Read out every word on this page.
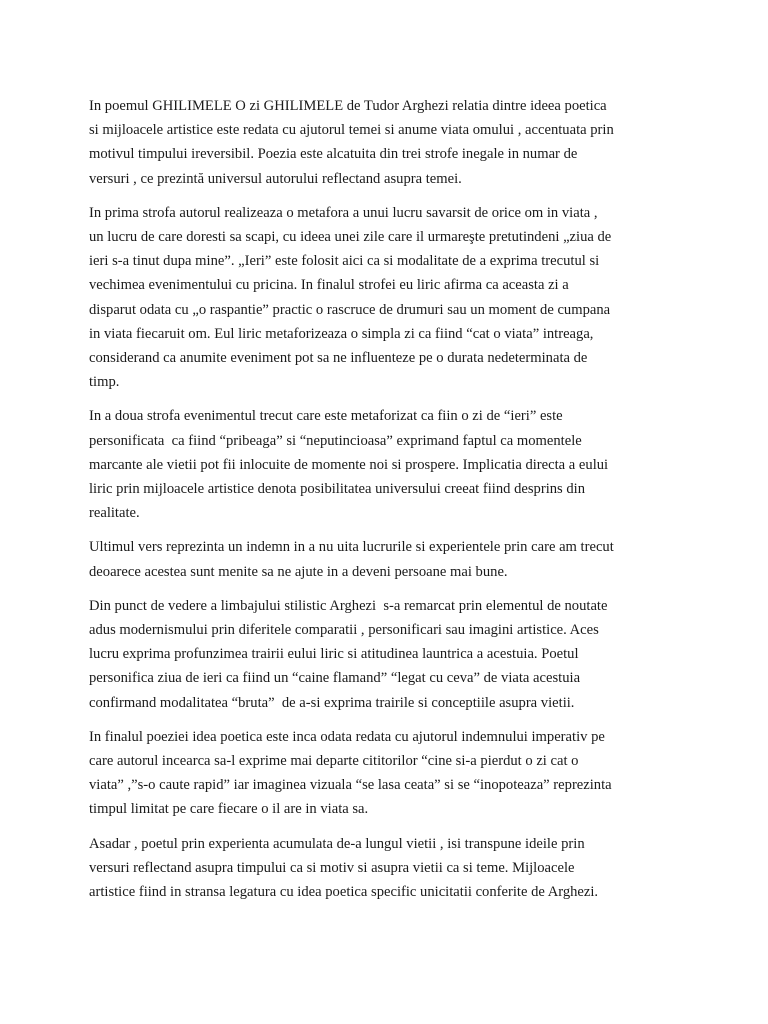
In poemul GHILIMELE O zi GHILIMELE de Tudor Arghezi relatia dintre ideea poetica
si mijloacele artistice este redata cu ajutorul temei si anume viata omului , accentuata prin
motivul timpului ireversibil. Poezia este alcatuita din trei strofe inegale in numar de
versuri , ce prezintă universul autorului reflectand asupra temei.

In prima strofa autorul realizeaza o metafora a unui lucru savarsit de orice om in viata ,
un lucru de care doresti sa scapi, cu ideea unei zile care il urmareşte pretutindeni „ziua de
ieri s-a tinut dupa mine”. „Ieri” este folosit aici ca si modalitate de a exprima trecutul si
vechimea evenimentului cu pricina. In finalul strofei eu liric afirma ca aceasta zi a
disparut odata cu „o raspantie” practic o rascruce de drumuri sau un moment de cumpana
in viata fiecaruit om. Eul liric metaforizeaza o simpla zi ca fiind “cat o viata” intreaga,
considerand ca anumite eveniment pot sa ne influenteze pe o durata nedeterminata de
timp.

In a doua strofa evenimentul trecut care este metaforizat ca fiin o zi de “ieri” este
personificata  ca fiind “pribeaga” si “neputincioasa” exprimand faptul ca momentele
marcante ale vietii pot fii inlocuite de momente noi si prospere. Implicatia directa a eului
liric prin mijloacele artistice denota posibilitatea universului creeat fiind desprins din
realitate.

Ultimul vers reprezinta un indemn in a nu uita lucrurile si experientele prin care am trecut
deoarece acestea sunt menite sa ne ajute in a deveni persoane mai bune.

Din punct de vedere a limbajului stilistic Arghezi  s-a remarcat prin elementul de noutate
adus modernismului prin diferitele comparatii , personificari sau imagini artistice. Aces
lucru exprima profunzimea trairii eului liric si atitudinea launtrica a acestuia. Poetul
personifica ziua de ieri ca fiind un “caine flamand” “legat cu ceva” de viata acestuia
confirmand modalitatea “bruta”  de a-si exprima trairile si conceptiile asupra vietii.

In finalul poeziei idea poetica este inca odata redata cu ajutorul indemnului imperativ pe
care autorul incearca sa-l exprime mai departe cititorilor “cine si-a pierdut o zi cat o
viata” ,”s-o caute rapid” iar imaginea vizuala “se lasa ceata” si se “inopoteaza” reprezinta
timpul limitat pe care fiecare o il are in viata sa.

Asadar , poetul prin experienta acumulata de-a lungul vietii , isi transpune ideile prin
versuri reflectand asupra timpului ca si motiv si asupra vietii ca si teme. Mijloacele
artistice fiind in stransa legatura cu idea poetica specific unicitatii conferite de Arghezi.
